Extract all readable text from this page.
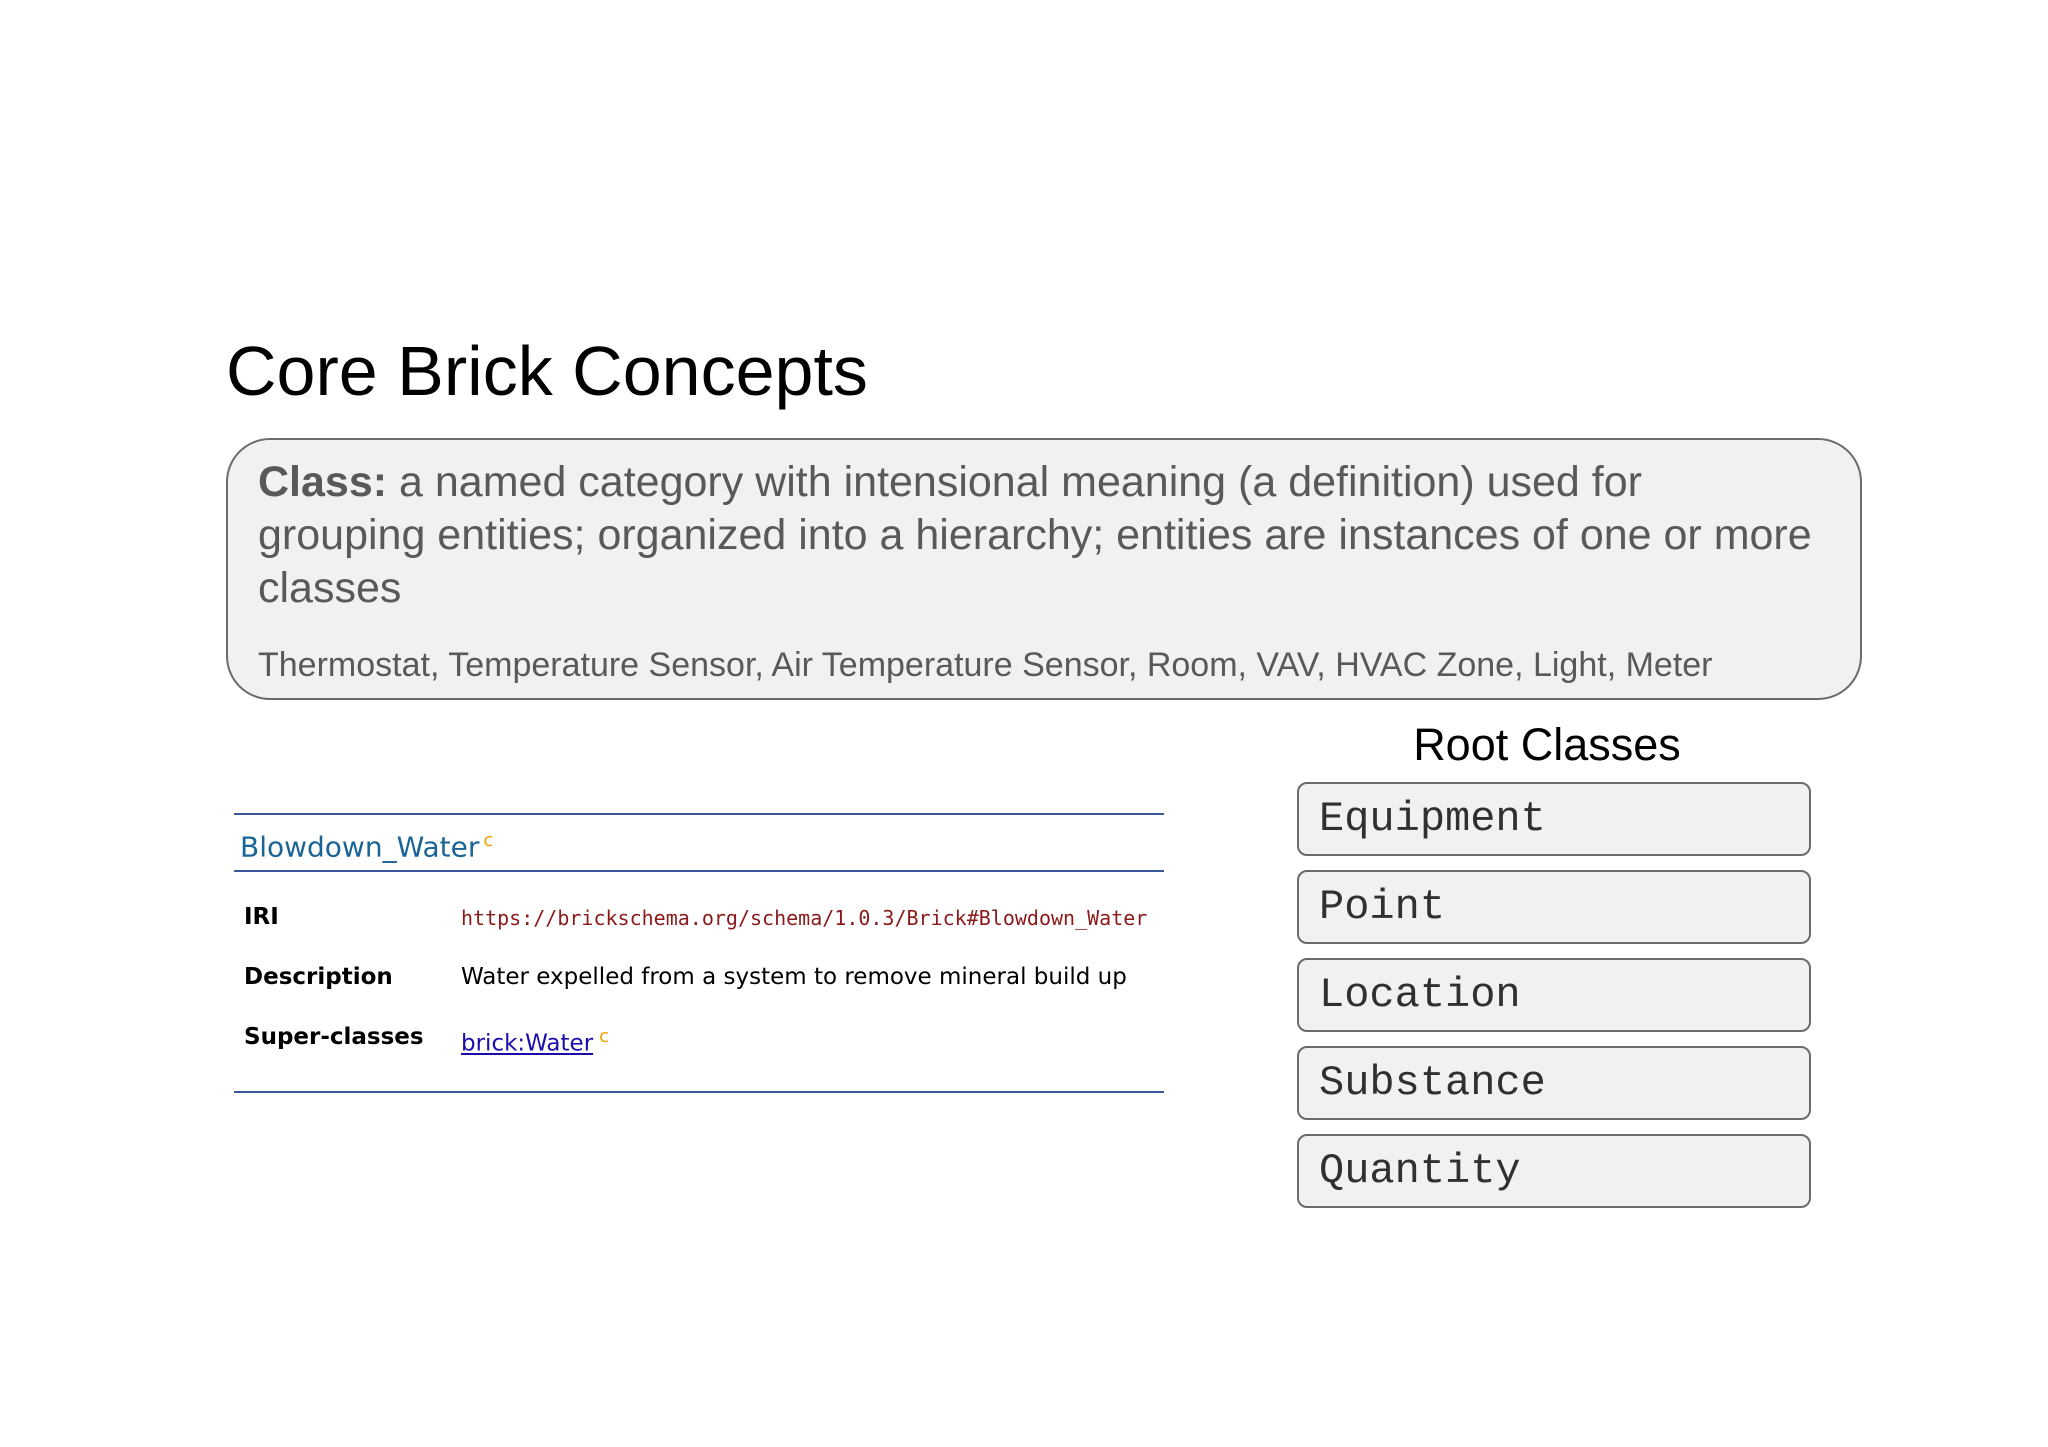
Core Brick Concepts
Class: a named category with intensional meaning (a definition) used for grouping entities; organized into a hierarchy; entities are instances of one or more classes
Thermostat, Temperature Sensor, Air Temperature Sensor, Room, VAV, HVAC Zone, Light, Meter
Root Classes
Equipment
Point
Location
Substance
Quantity
Blowdown_Water $^c$
IRI	https://brickschema.org/schema/1.0.3/Brick#Blowdown_Water
Description	Water expelled from a system to remove mineral build up
Super-classes brick:Water $^c$
